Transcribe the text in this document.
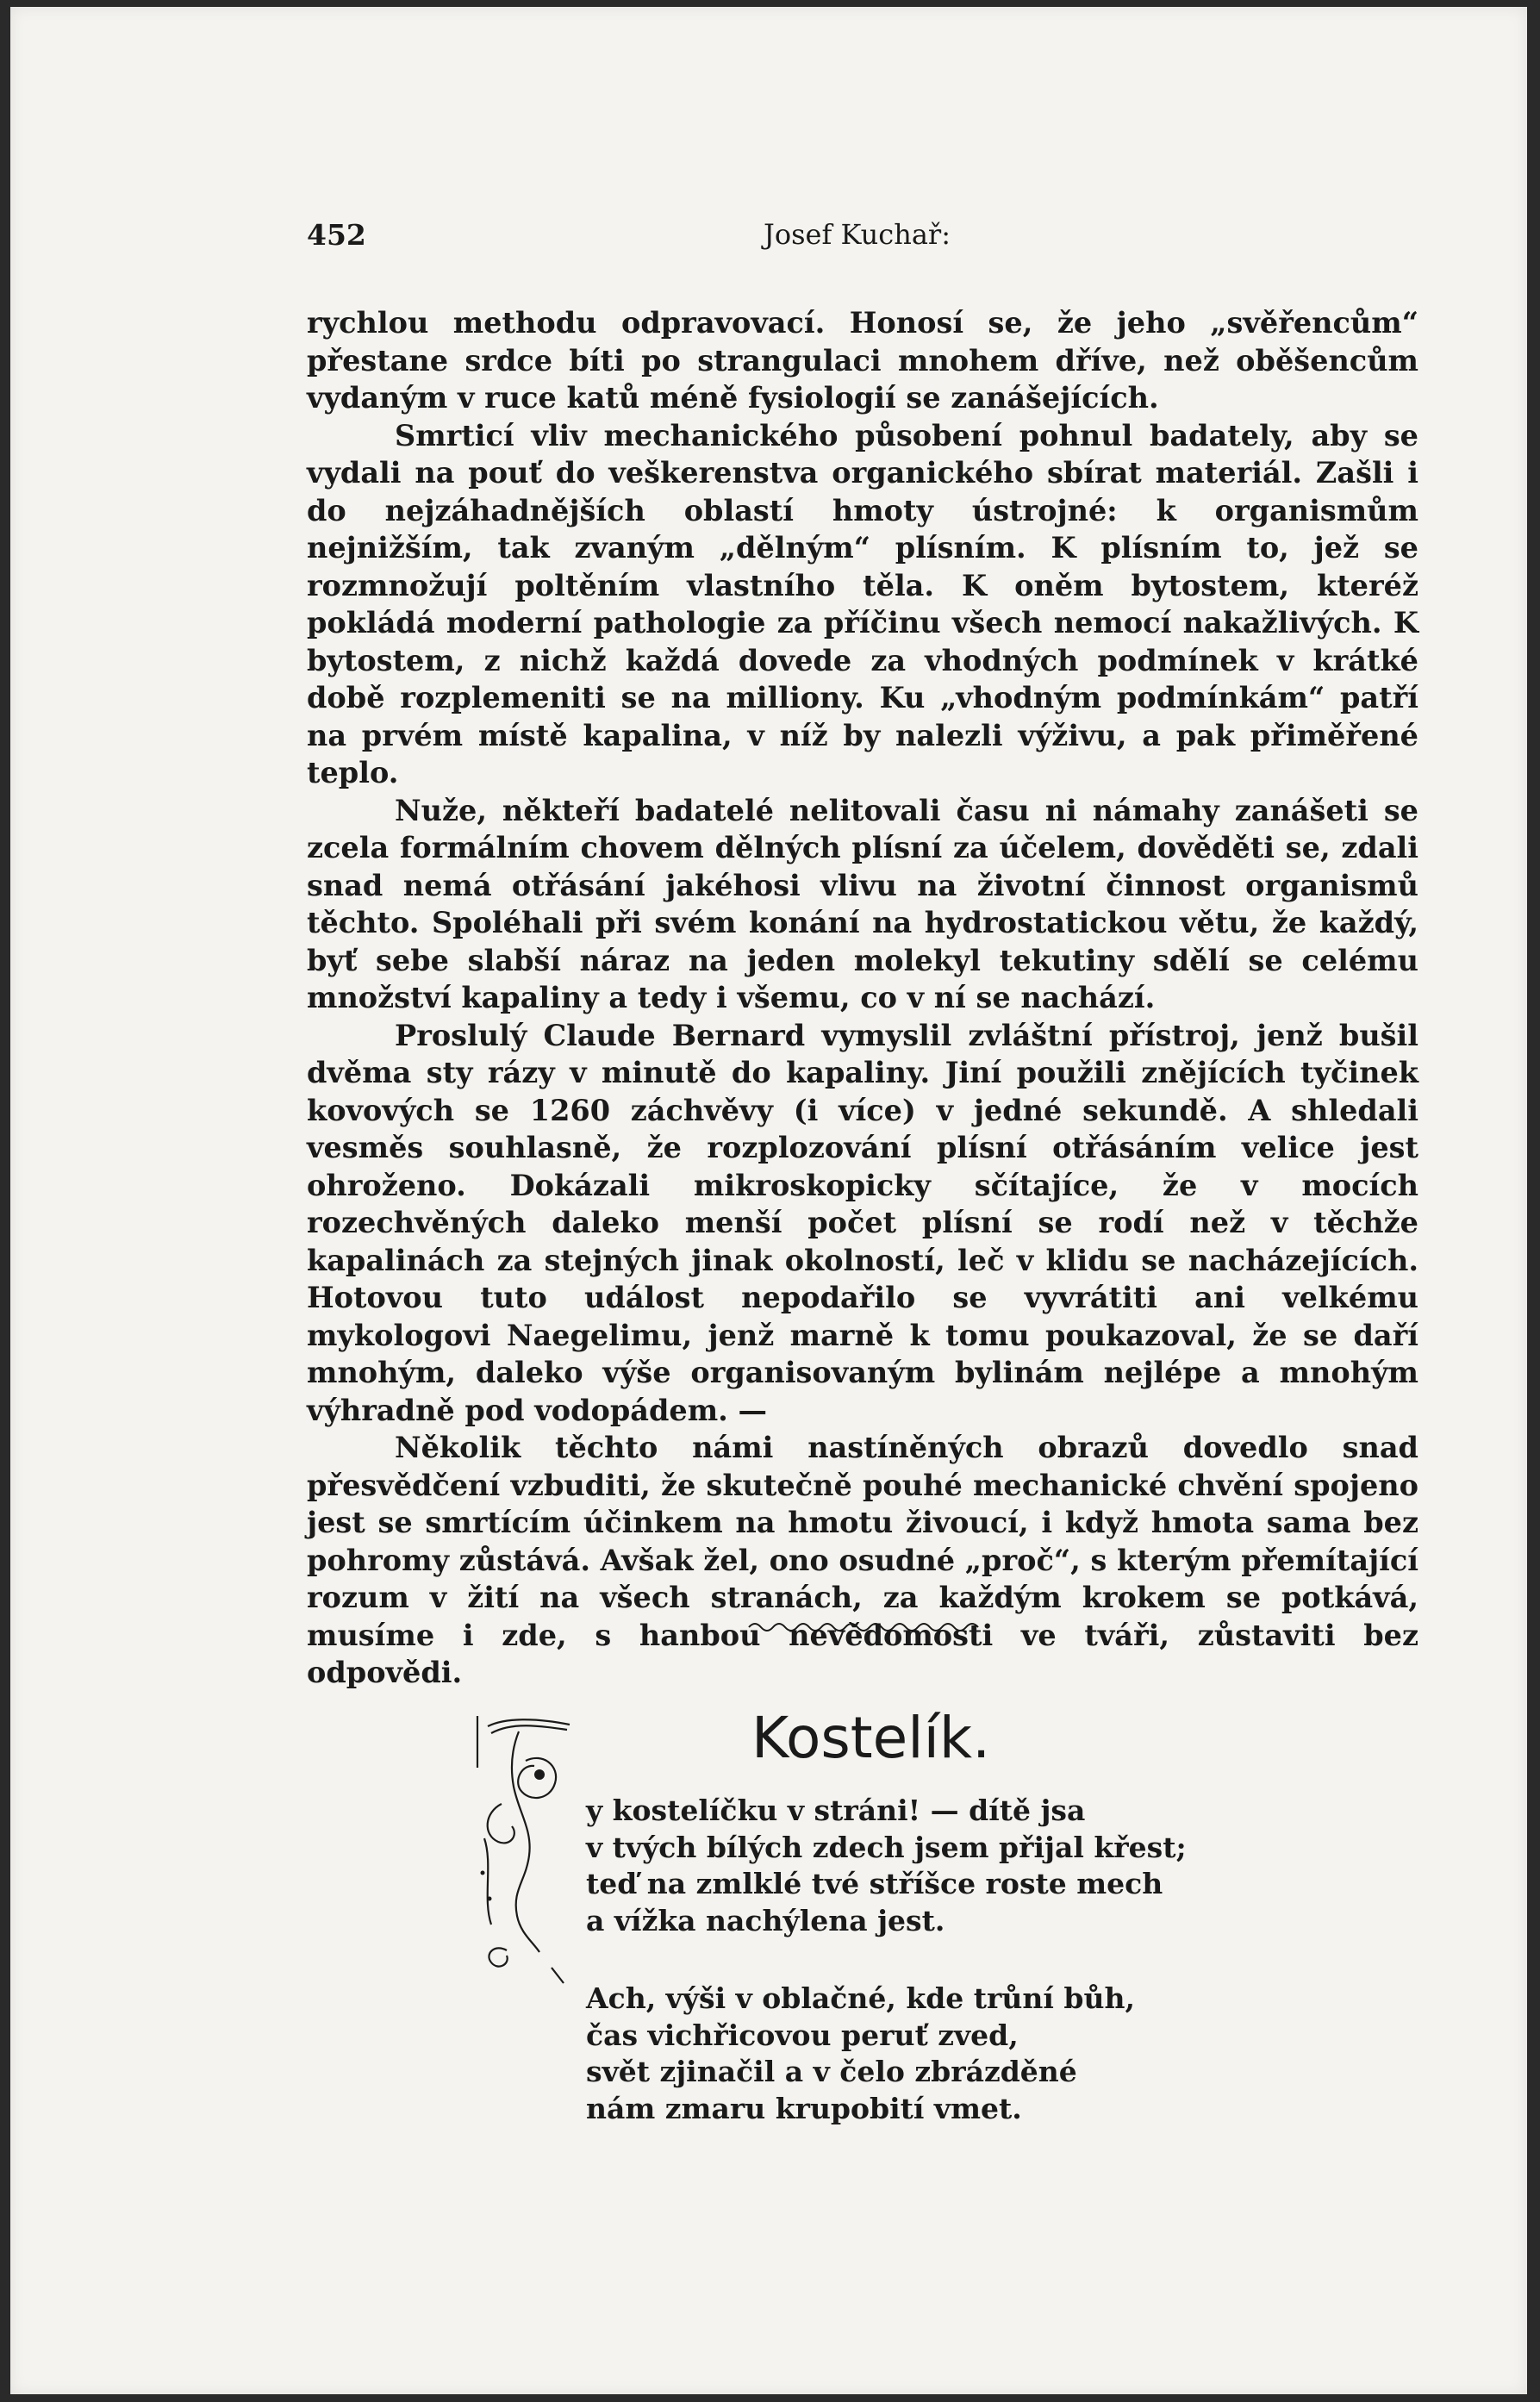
452	Josef Kuchař:

rychlou methodu odpravovací. Honosí se, že jeho „svěřencům“ přestane srdce bíti po strangulaci mnohem dříve, než oběšencům vydaným v ruce katů méně fysiologií se zanášejících.

Smrticí vliv mechanického působení pohnul badately, aby se vydali na pouť do veškerenstva organického sbírat materiál. Zašli i do nejzáhadnějších oblastí hmoty ústrojné: k organismům nejnižším, tak zvaným „dělným“ plísním. K plísním to, jež se rozmnožují poltěním vlastního těla. K oněm bytostem, kteréž pokládá moderní pathologie za příčinu všech nemocí nakažlivých. K bytostem, z nichž každá dovede za vhodných podmínek v krátké době rozplemeniti se na milliony. Ku „vhodným podmínkám“ patří na prvém místě kapalina, v níž by nalezli výživu, a pak přiměřené teplo.

Nuže, někteří badatelé nelitovali času ni námahy zanášeti se zcela formálním chovem dělných plísní za účelem, dověděti se, zdali snad nemá otřásání jakéhosi vlivu na životní činnost organismů těchto. Spoléhali při svém konání na hydrostatickou větu, že každý, byť sebe slabší náraz na jeden molekyl tekutiny sdělí se celému množství kapaliny a tedy i všemu, co v ní se nachází.

Proslulý Claude Bernard vymyslil zvláštní přístroj, jenž bušil dvěma sty rázy v minutě do kapaliny. Jiní použili znějících tyčinek kovových se 1260 záchvěvy (i více) v jedné sekundě. A shledali vesměs souhlasně, že rozplozování plísní otřásáním velice jest ohroženo. Dokázali mikroskopicky sčítajíce, že v mocích rozechvěných daleko menší počet plísní se rodí než v těchže kapalinách za stejných jinak okolností, leč v klidu se nacházejících. Hotovou tuto událost nepodařilo se vyvrátiti ani velkému mykologovi Naegelimu, jenž marně k tomu poukazoval, že se daří mnohým, daleko výše organisovaným bylinám nejlépe a mnohým výhradně pod vodopádem. —

Několik těchto námi nastíněných obrazů dovedlo snad přesvědčení vzbuditi, že skutečně pouhé mechanické chvění spojeno jest se smrtícím účinkem na hmotu živoucí, i když hmota sama bez pohromy zůstává. Avšak žel, ono osudné „proč“, s kterým přemítající rozum v žití na všech stranách, za každým krokem se potkává, musíme i zde, s hanbou nevědomosti ve tváři, zůstaviti bez odpovědi.

Kostelík.
y kostelíčku v stráni! — dítě jsa
v tvých bílých zdech jsem přijal křest;
teď na zmlklé tvé stříšce roste mech
a vížka nachýlena jest.
Ach, výši v oblačné, kde trůní bůh,
čas vichřicovou peruť zved,
svět zjinačil a v čelo zbrázděné
nám zmaru krupobití vmet.
